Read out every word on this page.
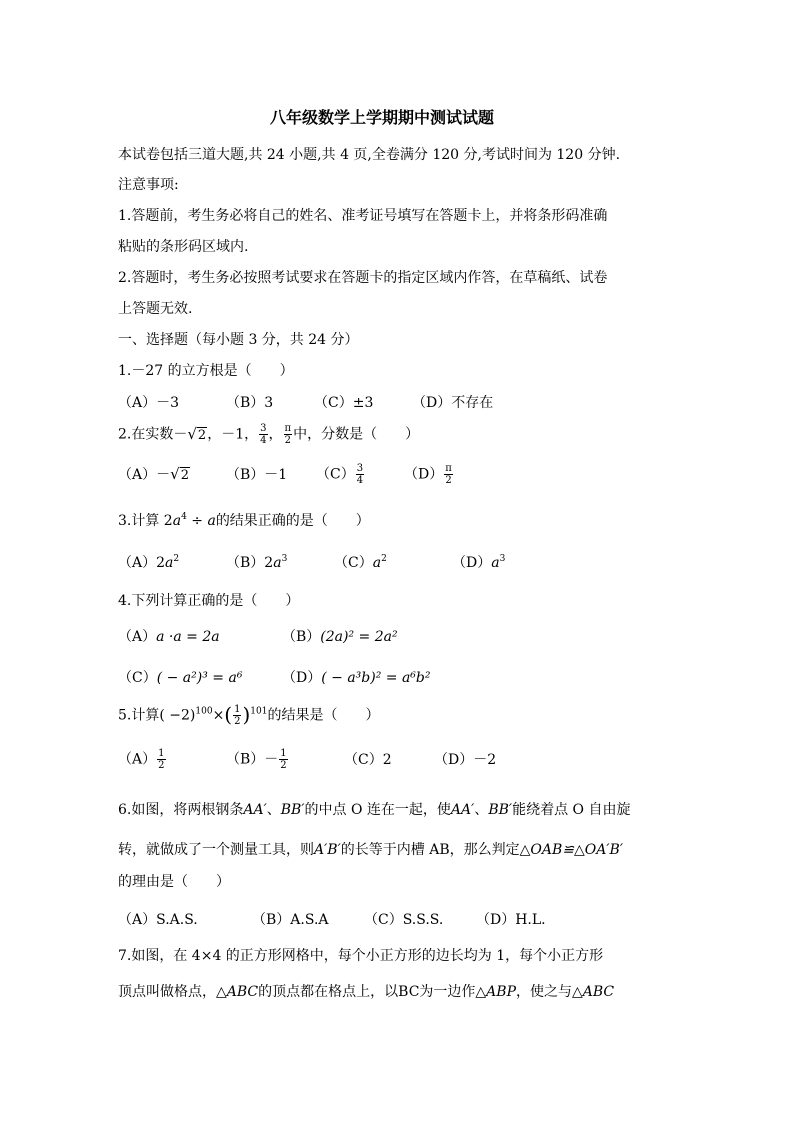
八年级数学上学期期中测试试题
本试卷包括三道大题,共 24 小题,共 4 页,全卷满分 120 分,考试时间为 120 分钟.
注意事项:
1.答题前，考生务必将自己的姓名、准考证号填写在答题卡上，并将条形码准确
粘贴的条形码区域内.
2.答题时，考生务必按照考试要求在答题卡的指定区域内作答，在草稿纸、试卷
上答题无效.
一、选择题（每小题 3 分，共 24 分）
1.－27 的立方根是（　　）
（A）－3	（B）3	（C）±3	（D）不存在
2.在实数－√2，－1， $\frac{3}{4}$ ， $\frac{\pi}{2}$ 中，分数是（　　）
（A）－√2	（B）－1 $(C) \frac{3}{4}$	$(D) \frac{\pi}{2}$
3.计算 $2a^4 \div a$的结果正确的是（　　）
$(A)2a^2$	$(B)2a^3$	$(C)a^2$	$(D)a^3$
4.下列计算正确的是（　　）
（A）a ·a = 2a	（B）(2a)² = 2a²
（C）( − a²)³ = a⁶	（D）( − a³b)² = a⁶b²
5.计算( $-2)^{100}\times( \frac{1}{2} )^{101}$的结果是（　　）
$(A) \frac{1}{2}$	$(B)- \frac{1}{2}$	（C）2	（D）－2
6.如图，将两根钢条AA′、BB′的中点 O 连在一起，使AA′、BB′能绕着点 O 自由旋
转，就做成了一个测量工具，则A′B′的长等于内槽 AB，那么判定△OAB≌△OA′B′
的理由是（　　）
（A）S.A.S.	（B）A.S.A	（C）S.S.S. （D）H.L.
7.如图，在 4×4 的正方形网格中，每个小正方形的边长均为 1，每个小正方形
顶点叫做格点，△ABC的顶点都在格点上，以BC为一边作△ABP，使之与△ABC
